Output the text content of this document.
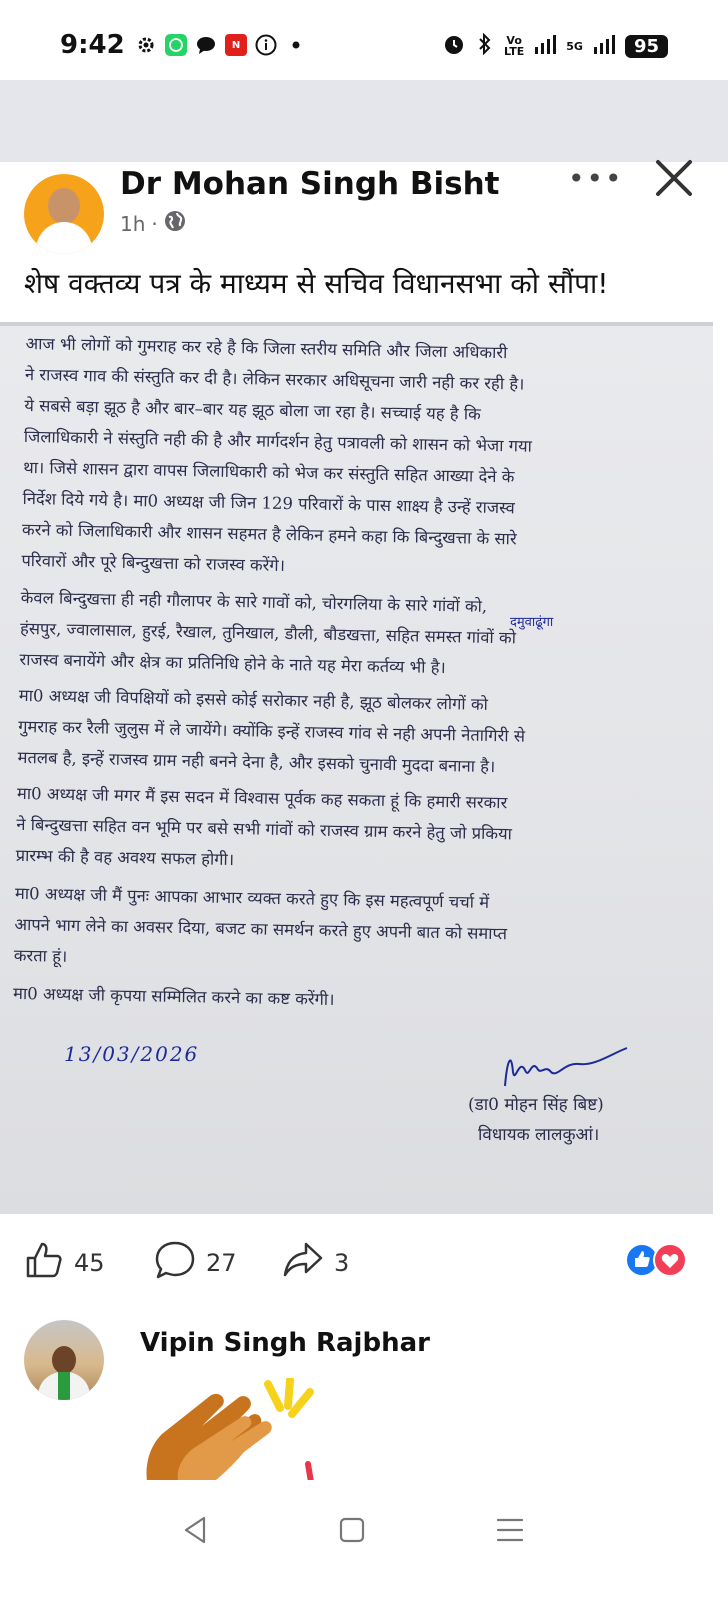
9:42	N	Vo
LTE	5G	95
Dr Mohan Singh Bisht
1h ·
•••
शेष वक्तव्य पत्र के माध्यम से सचिव विधानसभा को सौंपा!
आज भी लोगों को गुमराह कर रहे है कि जिला स्तरीय समिति और जिला अधिकारी
ने राजस्व गाव की संस्तुति कर दी है। लेकिन सरकार अधिसूचना जारी नही कर रही है।
ये सबसे बड़ा झूठ है और बार–बार यह झूठ बोला जा रहा है। सच्चाई यह है कि
जिलाधिकारी ने संस्तुति नही की है और मार्गदर्शन हेतु पत्रावली को शासन को भेजा गया
था। जिसे शासन द्वारा वापस जिलाधिकारी को भेज कर संस्तुति सहित आख्या देने के
निर्देश दिये गये है। मा0 अध्यक्ष जी जिन 129 परिवारों के पास शाक्ष्य है उन्हें राजस्व
करने को जिलाधिकारी और शासन सहमत है लेकिन हमने कहा कि बिन्दुखत्ता के सारे
परिवारों और पूरे बिन्दुखत्ता को राजस्व करेंगे।
केवल बिन्दुखत्ता ही नही गौलापर के सारे गावों को, चोरगलिया के सारे गांवों को,
हंसपुर, ज्वालासाल, हुरई, रैखाल, तुनिखाल, डौली, बौडखत्ता, सहित समस्त गांवों को
राजस्व बनायेंगे और क्षेत्र का प्रतिनिधि होने के नाते यह मेरा कर्तव्य भी है।
मा0 अध्यक्ष जी विपक्षियों को इससे कोई सरोकार नही है, झूठ बोलकर लोगों को
गुमराह कर रैली जुलुस में ले जायेंगे। क्योंकि इन्हें राजस्व गांव से नही अपनी नेतागिरी से
मतलब है, इन्हें राजस्व ग्राम नही बनने देना है, और इसको चुनावी मुददा बनाना है।
मा0 अध्यक्ष जी मगर मैं इस सदन में विश्वास पूर्वक कह सकता हूं कि हमारी सरकार
ने बिन्दुखत्ता सहित वन भूमि पर बसे सभी गांवों को राजस्व ग्राम करने हेतु जो प्रकिया
प्रारम्भ की है वह अवश्य सफल होगी।
मा0 अध्यक्ष जी मैं पुनः आपका आभार व्यक्त करते हुए कि इस महत्वपूर्ण चर्चा में
आपने भाग लेने का अवसर दिया, बजट का समर्थन करते हुए अपनी बात को समाप्त
करता हूं।
मा0 अध्यक्ष जी कृपया सम्मिलित करने का कष्ट करेंगी।
दमुवाढूंगा
13/03/2026
(डा0 मोहन सिंह बिष्ट)
विधायक लालकुआं।
45	27	3
Vipin Singh Rajbhar
